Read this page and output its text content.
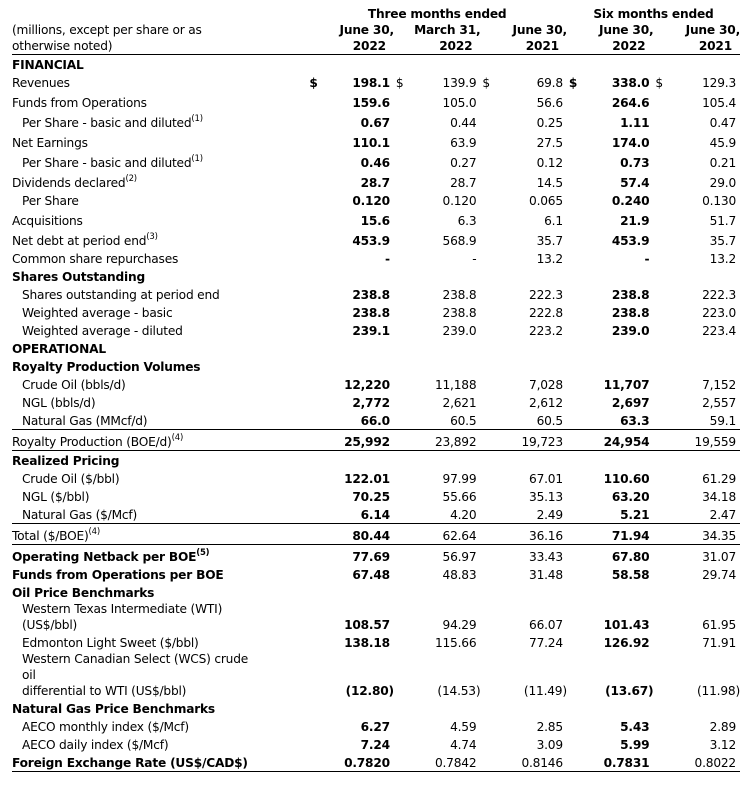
	Three months ended						Six months ended			
(millions, except per share or as	June 30,		March 31,		June 30,		June 30,		June 30,	
otherwise noted)	2022		2022		2021		2022		2021	
FINANCIAL										
Revenues	$	198.1	$	139.9	$	69.8	$	338.0	$	129.3
Funds from Operations		159.6		105.0		56.6		264.6		105.4
Per Share - basic and diluted$^{(1)}$		0.67		0.44		0.25		1.11		0.47
Net Earnings		110.1		63.9		27.5		174.0		45.9
Per Share - basic and diluted$^{(1)}$		0.46		0.27		0.12		0.73		0.21
Dividends declared$^{(2)}$		28.7		28.7		14.5		57.4		29.0
Per Share		0.120		0.120		0.065		0.240		0.130
Acquisitions		15.6		6.3		6.1		21.9		51.7
Net debt at period end$^{(3)}$		453.9		568.9		35.7		453.9		35.7
Common share repurchases		-		-		13.2		-		13.2
Shares Outstanding										
Shares outstanding at period end		238.8		238.8		222.3		238.8		222.3
Weighted average - basic		238.8		238.8		222.8		238.8		223.0
Weighted average - diluted		239.1		239.0		223.2		239.0		223.4
OPERATIONAL										
Royalty Production Volumes										
Crude Oil (bbls/d)		12,220		11,188		7,028		11,707		7,152
NGL (bbls/d)		2,772		2,621		2,612		2,697		2,557
Natural Gas (MMcf/d)		66.0		60.5		60.5		63.3		59.1
Royalty Production $(BOE/d)^{(4)}$		25,992		23,892		19,723		24,954		19,559
Realized Pricing										
Crude Oil ($/bbl)		122.01		97.99		67.01		110.60		61.29
NGL ($/bbl)		70.25		55.66		35.13		63.20		34.18
Natural Gas ($/Mcf)		6.14		4.20		2.49		5.21		2.47
Total ($/BOE)$^{(4)}$		80.44		62.64		36.16		71.94		34.35
Operating Netback per BOE$^{(5)}$		77.69		56.97		33.43		67.80		31.07
Funds from Operations per BOE		67.48		48.83		31.48		58.58		29.74
Oil Price Benchmarks										
Western Texas Intermediate (WTI)
(US$/bbl)		108.57		94.29		66.07		101.43		61.95
Edmonton Light Sweet ($/bbl)		138.18		115.66		77.24		126.92		71.91
Western Canadian Select (WCS) crude
oil
differential to WTI (US$/bbl)		(12.80)		(14.53)		(11.49)		(13.67)		(11.98)
Natural Gas Price Benchmarks										
AECO monthly index ($/Mcf)		6.27		4.59		2.85		5.43		2.89
AECO daily index ($/Mcf)		7.24		4.74		3.09		5.99		3.12
Foreign Exchange Rate (US$/CAD$)		0.7820		0.7842		0.8146		0.7831		0.8022
